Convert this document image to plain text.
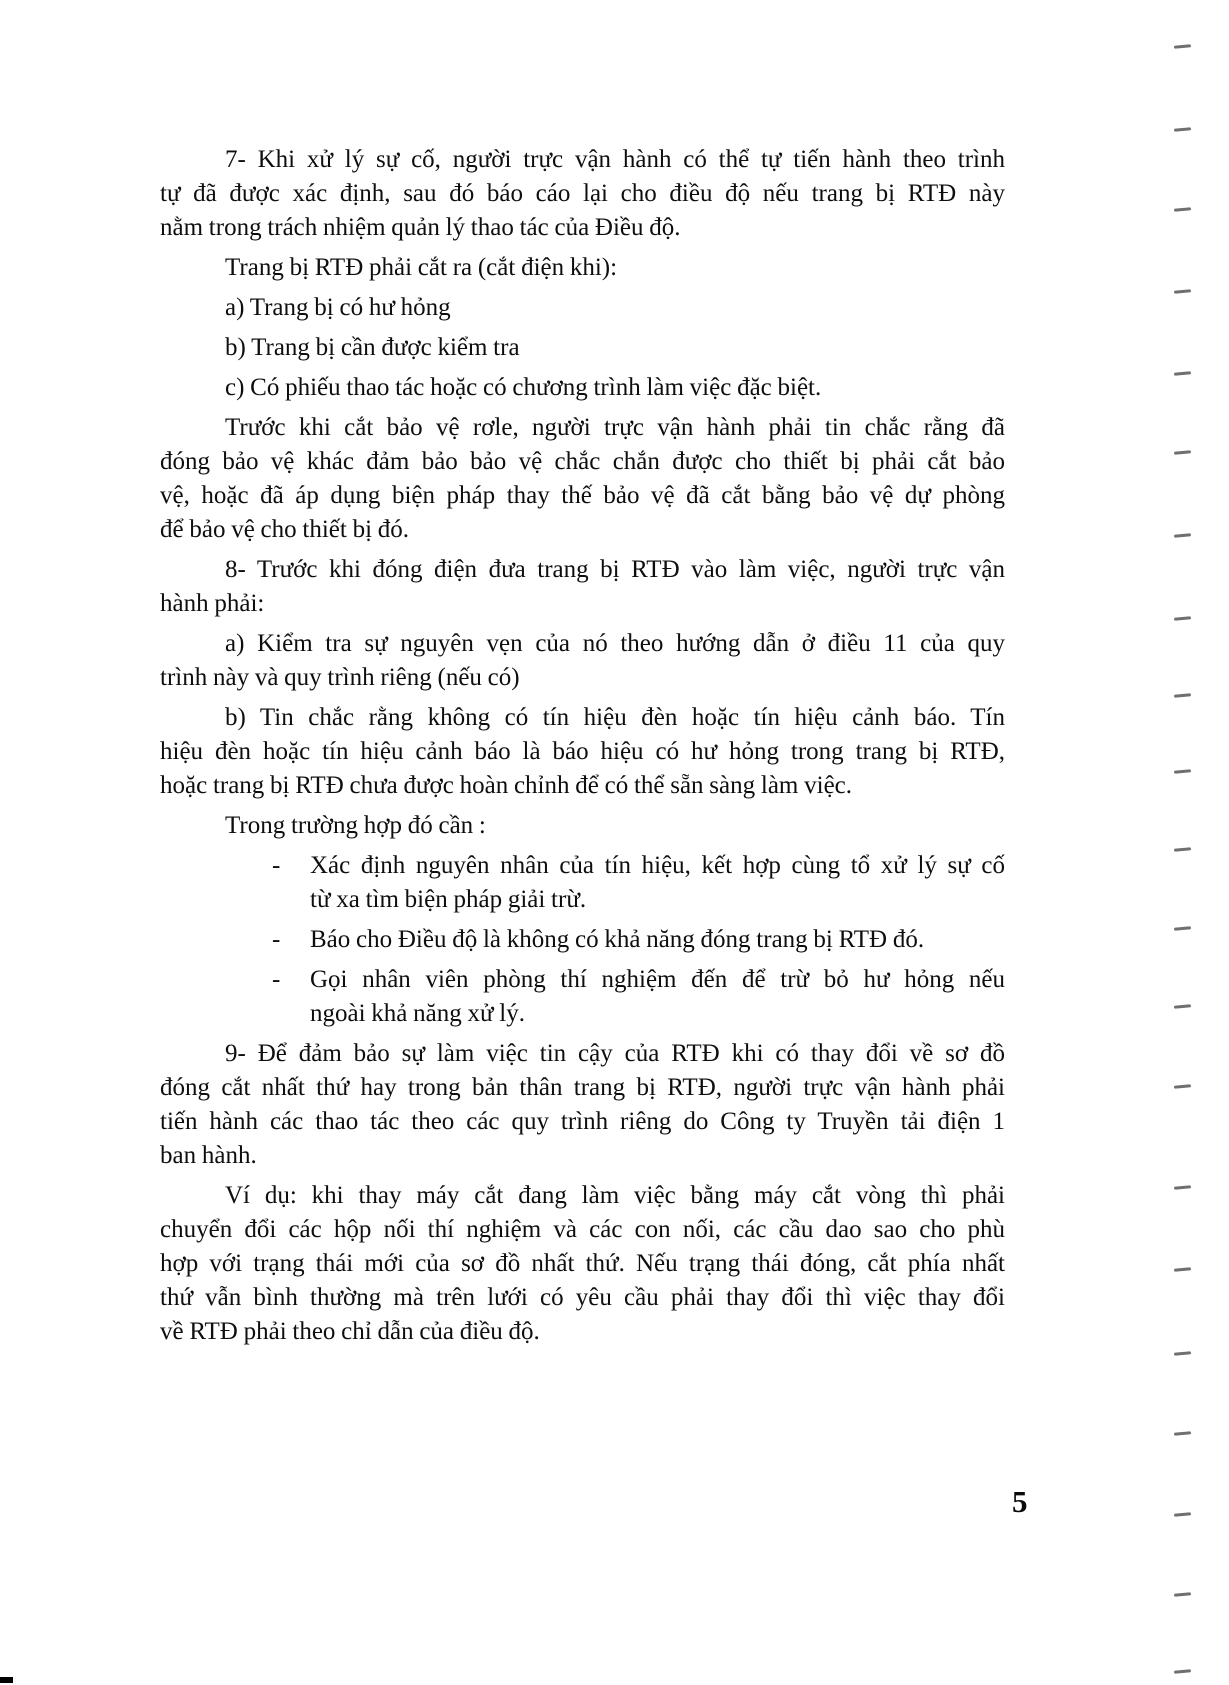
7- Khi xử lý sự cố, người trực vận hành có thể tự tiến hành theo trình
tự đã được xác định, sau đó báo cáo lại cho điều độ nếu trang bị RTĐ này
nằm trong trách nhiệm quản lý thao tác của Điều độ.
Trang bị RTĐ phải cắt ra (cắt điện khi):
a) Trang bị có hư hỏng
b) Trang bị cần được kiểm tra
c) Có phiếu thao tác hoặc có chương trình làm việc đặc biệt.
Trước khi cắt bảo vệ rơle, người trực vận hành phải tin chắc rằng đã
đóng bảo vệ khác đảm bảo bảo vệ chắc chắn được cho thiết bị phải cắt bảo
vệ, hoặc đã áp dụng biện pháp thay thế bảo vệ đã cắt bằng bảo vệ dự phòng
để bảo vệ cho thiết bị đó.
8- Trước khi đóng điện đưa trang bị RTĐ vào làm việc, người trực vận
hành phải:
a) Kiểm tra sự nguyên vẹn của nó theo hướng dẫn ở điều 11 của quy
trình này và quy trình riêng (nếu có)
b) Tin chắc rằng không có tín hiệu đèn hoặc tín hiệu cảnh báo. Tín
hiệu đèn hoặc tín hiệu cảnh báo là báo hiệu có hư hỏng trong trang bị RTĐ,
hoặc trang bị RTĐ chưa được hoàn chỉnh để có thể sẵn sàng làm việc.
Trong trường hợp đó cần :
- Xác định nguyên nhân của tín hiệu, kết hợp cùng tổ xử lý sự cố
từ xa tìm biện pháp giải trừ.
- Báo cho Điều độ là không có khả năng đóng trang bị RTĐ đó.
- Gọi nhân viên phòng thí nghiệm đến để trừ bỏ hư hỏng nếu
ngoài khả năng xử lý.
9- Để đảm bảo sự làm việc tin cậy của RTĐ khi có thay đổi về sơ đồ
đóng cắt nhất thứ hay trong bản thân trang bị RTĐ, người trực vận hành phải
tiến hành các thao tác theo các quy trình riêng do Công ty Truyền tải điện 1
ban hành.
Ví dụ: khi thay máy cắt đang làm việc bằng máy cắt vòng thì phải
chuyển đổi các hộp nối thí nghiệm và các con nối, các cầu dao sao cho phù
hợp với trạng thái mới của sơ đồ nhất thứ. Nếu trạng thái đóng, cắt phía nhất
thứ vẫn bình thường mà trên lưới có yêu cầu phải thay đổi thì việc thay đổi
về RTĐ phải theo chỉ dẫn của điều độ.
5
